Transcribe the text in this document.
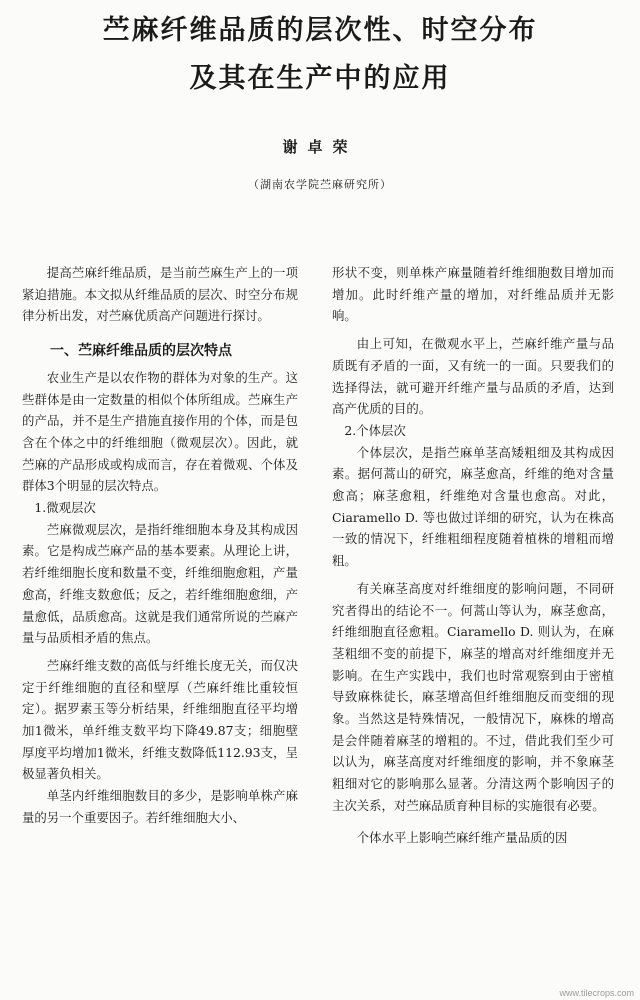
苎麻纤维品质的层次性、时空分布
及其在生产中的应用
谢卓荣
（湖南农学院苎麻研究所）

提高苎麻纤维品质，是当前苎麻生产上的一项紧迫措施。本文拟从纤维品质的层次、时空分布规律分析出发，对苎麻优质高产问题进行探讨。

一、苎麻纤维品质的层次特点

农业生产是以农作物的群体为对象的生产。这些群体是由一定数量的相似个体所组成。苎麻生产的产品，并不是生产措施直接作用的个体，而是包含在个体之中的纤维细胞（微观层次）。因此，就苎麻的产品形成或构成而言，存在着微观、个体及群体3个明显的层次特点。

1.微观层次

苎麻微观层次，是指纤维细胞本身及其构成因素。它是构成苎麻产品的基本要素。从理论上讲，若纤维细胞长度和数量不变，纤维细胞愈粗，产量愈高，纤维支数愈低；反之，若纤维细胞愈细，产量愈低，品质愈高。这就是我们通常所说的苎麻产量与品质相矛盾的焦点。

苎麻纤维支数的高低与纤维长度无关，而仅决定于纤维细胞的直径和壁厚（苎麻纤维比重较恒定）。据罗素玉等分析结果，纤维细胞直径平均增加1微米，单纤维支数平均下降49.87支；细胞壁厚度平均增加1微米，纤维支数降低112.93支，呈极显著负相关。

单茎内纤维细胞数目的多少，是影响单株产麻量的另一个重要因子。若纤维细胞大小、

形状不变，则单株产麻量随着纤维细胞数目增加而增加。此时纤维产量的增加，对纤维品质并无影响。

由上可知，在微观水平上，苎麻纤维产量与品质既有矛盾的一面，又有统一的一面。只要我们的选择得法，就可避开纤维产量与品质的矛盾，达到高产优质的目的。

2.个体层次

个体层次，是指苎麻单茎高矮粗细及其构成因素。据何蒿山的研究，麻茎愈高，纤维的绝对含量愈高；麻茎愈粗，纤维绝对含量也愈高。对此，Ciaramello D. 等也做过详细的研究，认为在株高一致的情况下，纤维粗细程度随着植株的增粗而增粗。

有关麻茎高度对纤维细度的影响问题，不同研究者得出的结论不一。何蒿山等认为，麻茎愈高，纤维细胞直径愈粗。Ciaramello D. 则认为，在麻茎粗细不变的前提下，麻茎的增高对纤维细度并无影响。在生产实践中，我们也时常观察到由于密植导致麻株徒长，麻茎增高但纤维细胞反而变细的现象。当然这是特殊情况，一般情况下，麻株的增高是会伴随着麻茎的增粗的。不过，借此我们至少可以认为，麻茎高度对纤维细度的影响，并不象麻茎粗细对它的影响那么显著。分清这两个影响因子的主次关系，对苎麻品质育种目标的实施很有必要。

个体水平上影响苎麻纤维产量品质的因

www.tilecrops.com
